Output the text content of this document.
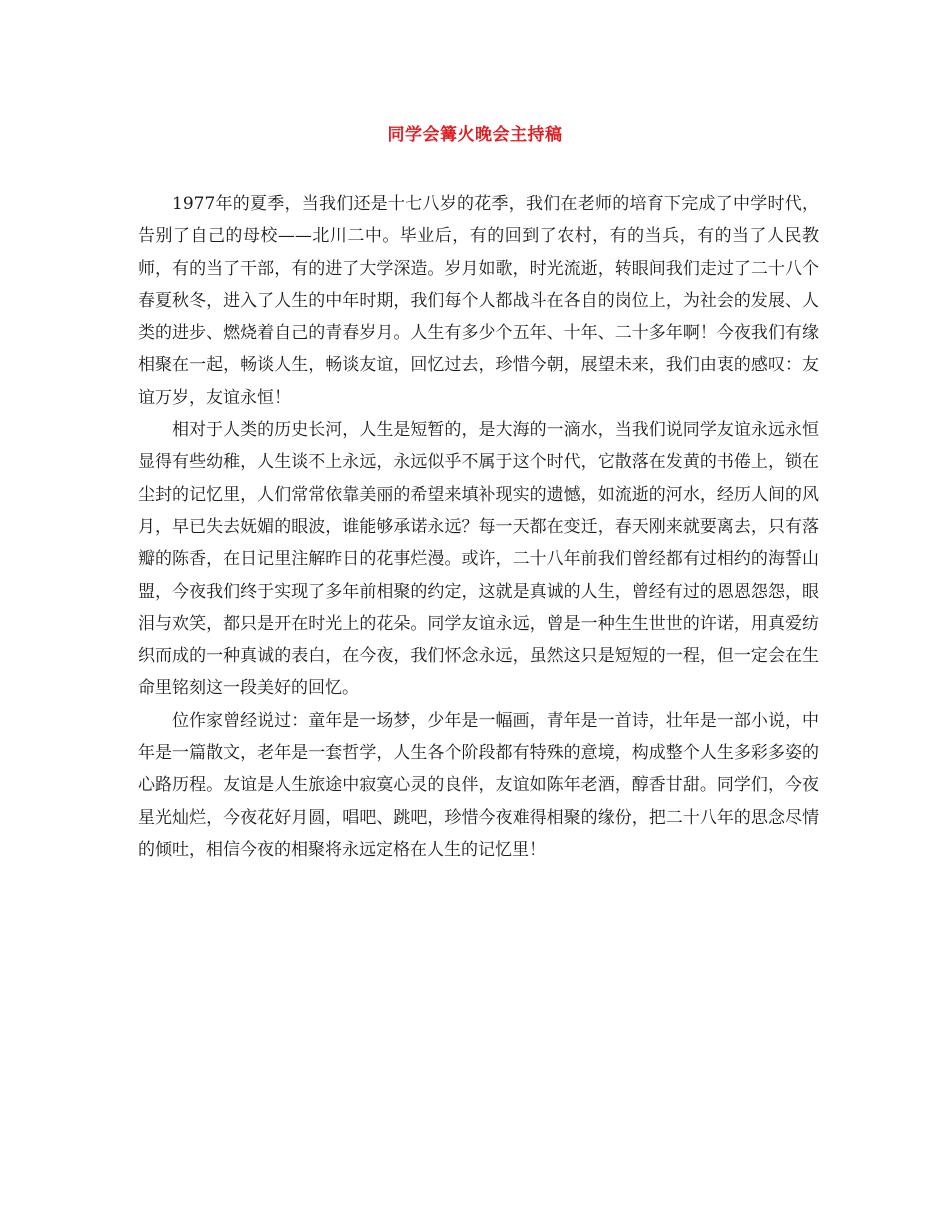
同学会篝火晚会主持稿

1977年的夏季，当我们还是十七八岁的花季，我们在老师的培育下完成了中学时代，告别了自己的母校——北川二中。毕业后，有的回到了农村，有的当兵，有的当了人民教师，有的当了干部，有的进了大学深造。岁月如歌，时光流逝，转眼间我们走过了二十八个春夏秋冬，进入了人生的中年时期，我们每个人都战斗在各自的岗位上，为社会的发展、人类的进步、燃烧着自己的青春岁月。人生有多少个五年、十年、二十多年啊！今夜我们有缘相聚在一起，畅谈人生，畅谈友谊，回忆过去，珍惜今朝，展望未来，我们由衷的感叹：友谊万岁，友谊永恒！

相对于人类的历史长河，人生是短暂的，是大海的一滴水，当我们说同学友谊永远永恒显得有些幼稚，人生谈不上永远，永远似乎不属于这个时代，它散落在发黄的书倦上，锁在尘封的记忆里，人们常常依靠美丽的希望来填补现实的遗憾，如流逝的河水，经历人间的风月，早已失去妩媚的眼波，谁能够承诺永远？每一天都在变迁，春天刚来就要离去，只有落瓣的陈香，在日记里注解昨日的花事烂漫。或许，二十八年前我们曾经都有过相约的海誓山盟，今夜我们终于实现了多年前相聚的约定，这就是真诚的人生，曾经有过的恩恩怨怨，眼泪与欢笑，都只是开在时光上的花朵。同学友谊永远，曾是一种生生世世的许诺，用真爱纺织而成的一种真诚的表白，在今夜，我们怀念永远，虽然这只是短短的一程，但一定会在生命里铭刻这一段美好的回忆。

位作家曾经说过：童年是一场梦，少年是一幅画，青年是一首诗，壮年是一部小说，中年是一篇散文，老年是一套哲学，人生各个阶段都有特殊的意境，构成整个人生多彩多姿的心路历程。友谊是人生旅途中寂寞心灵的良伴，友谊如陈年老酒，醇香甘甜。同学们，今夜星光灿烂，今夜花好月圆，唱吧、跳吧，珍惜今夜难得相聚的缘份，把二十八年的思念尽情的倾吐，相信今夜的相聚将永远定格在人生的记忆里！
